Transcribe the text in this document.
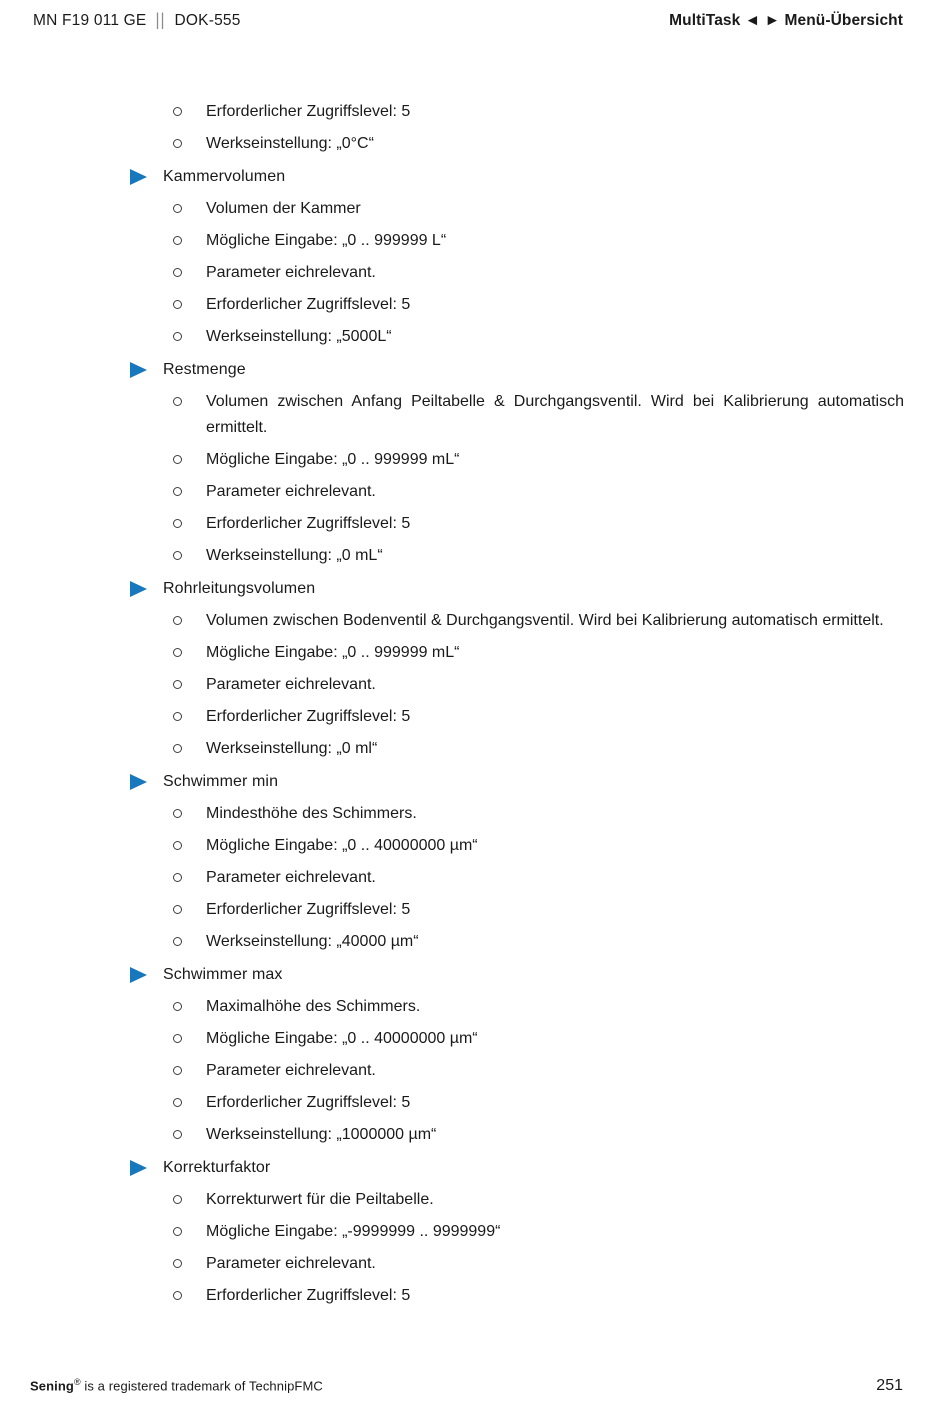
MN F19 011 GE || DOK-555	MultiTask ◄ ► Menü-Übersicht
Erforderlicher Zugriffslevel: 5
Werkseinstellung: „0°C“
Kammervolumen
Volumen der Kammer
Mögliche Eingabe: „0 .. 999999 L“
Parameter eichrelevant.
Erforderlicher Zugriffslevel: 5
Werkseinstellung: „5000L“
Restmenge
Volumen zwischen Anfang Peiltabelle & Durchgangsventil. Wird bei Kalibrierung automatisch ermittelt.
Mögliche Eingabe: „0 .. 999999 mL“
Parameter eichrelevant.
Erforderlicher Zugriffslevel: 5
Werkseinstellung: „0 mL“
Rohrleitungsvolumen
Volumen zwischen Bodenventil & Durchgangsventil. Wird bei Kalibrierung automatisch ermittelt.
Mögliche Eingabe: „0 .. 999999 mL“
Parameter eichrelevant.
Erforderlicher Zugriffslevel: 5
Werkseinstellung: „0 ml“
Schwimmer min
Mindesthöhe des Schimmers.
Mögliche Eingabe: „0 .. 40000000 µm“
Parameter eichrelevant.
Erforderlicher Zugriffslevel: 5
Werkseinstellung: „40000 µm“
Schwimmer max
Maximalhöhe des Schimmers.
Mögliche Eingabe: „0 .. 40000000 µm“
Parameter eichrelevant.
Erforderlicher Zugriffslevel: 5
Werkseinstellung: „1000000 µm“
Korrekturfaktor
Korrekturwert für die Peiltabelle.
Mögliche Eingabe: „-9999999 .. 9999999“
Parameter eichrelevant.
Erforderlicher Zugriffslevel: 5
Sening® is a registered trademark of TechnipFMC	251
